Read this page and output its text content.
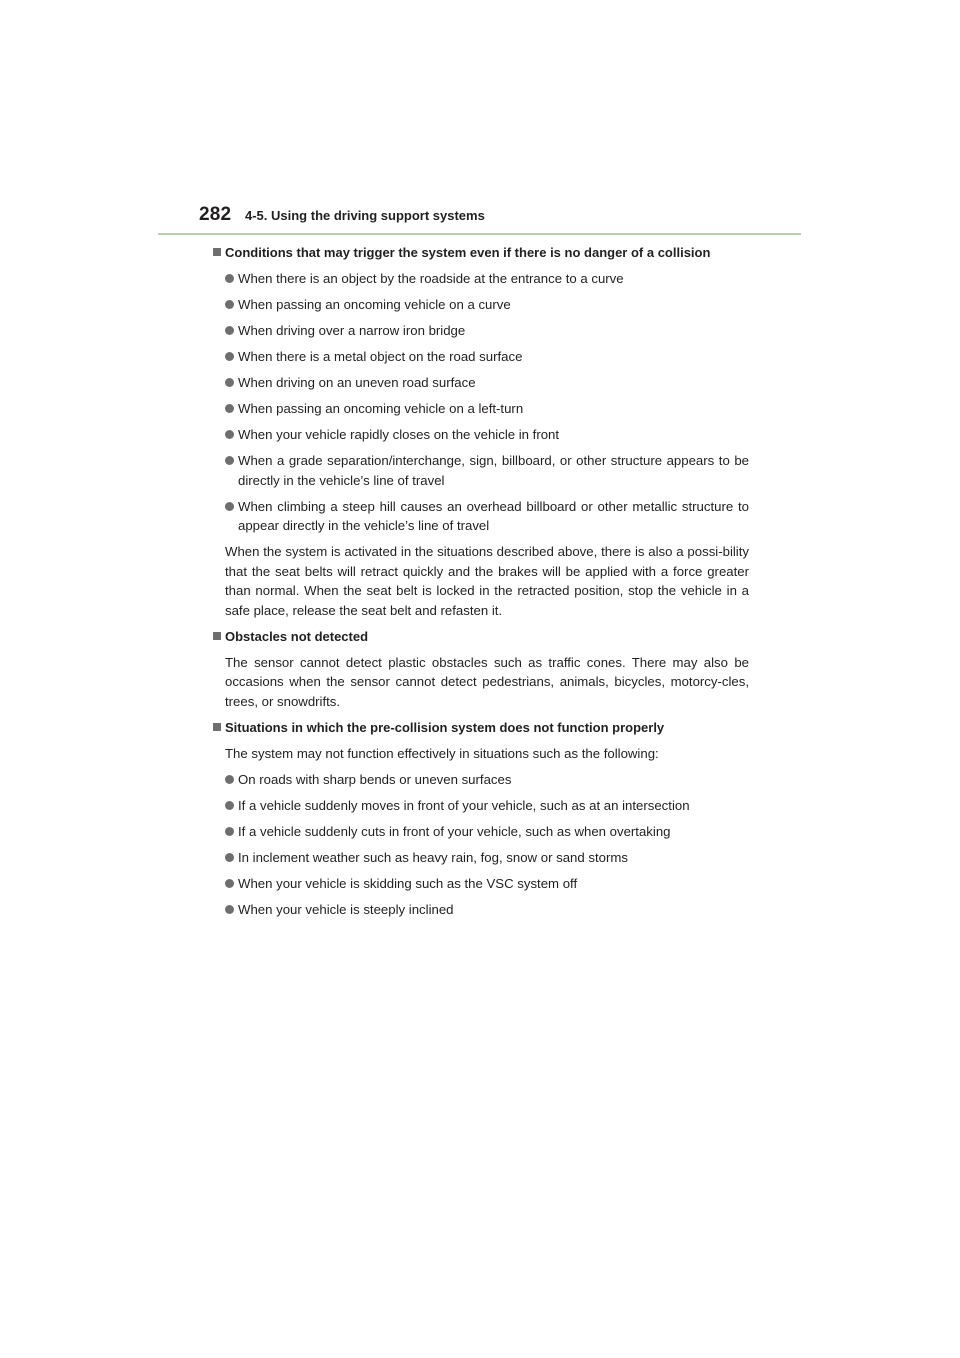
282 4-5. Using the driving support systems
Conditions that may trigger the system even if there is no danger of a collision
When there is an object by the roadside at the entrance to a curve
When passing an oncoming vehicle on a curve
When driving over a narrow iron bridge
When there is a metal object on the road surface
When driving on an uneven road surface
When passing an oncoming vehicle on a left-turn
When your vehicle rapidly closes on the vehicle in front
When a grade separation/interchange, sign, billboard, or other structure appears to be directly in the vehicle’s line of travel
When climbing a steep hill causes an overhead billboard or other metallic structure to appear directly in the vehicle’s line of travel
When the system is activated in the situations described above, there is also a possi-bility that the seat belts will retract quickly and the brakes will be applied with a force greater than normal. When the seat belt is locked in the retracted position, stop the vehicle in a safe place, release the seat belt and refasten it.
Obstacles not detected
The sensor cannot detect plastic obstacles such as traffic cones. There may also be occasions when the sensor cannot detect pedestrians, animals, bicycles, motorcy-cles, trees, or snowdrifts.
Situations in which the pre-collision system does not function properly
The system may not function effectively in situations such as the following:
On roads with sharp bends or uneven surfaces
If a vehicle suddenly moves in front of your vehicle, such as at an intersection
If a vehicle suddenly cuts in front of your vehicle, such as when overtaking
In inclement weather such as heavy rain, fog, snow or sand storms
When your vehicle is skidding such as the VSC system off
When your vehicle is steeply inclined
